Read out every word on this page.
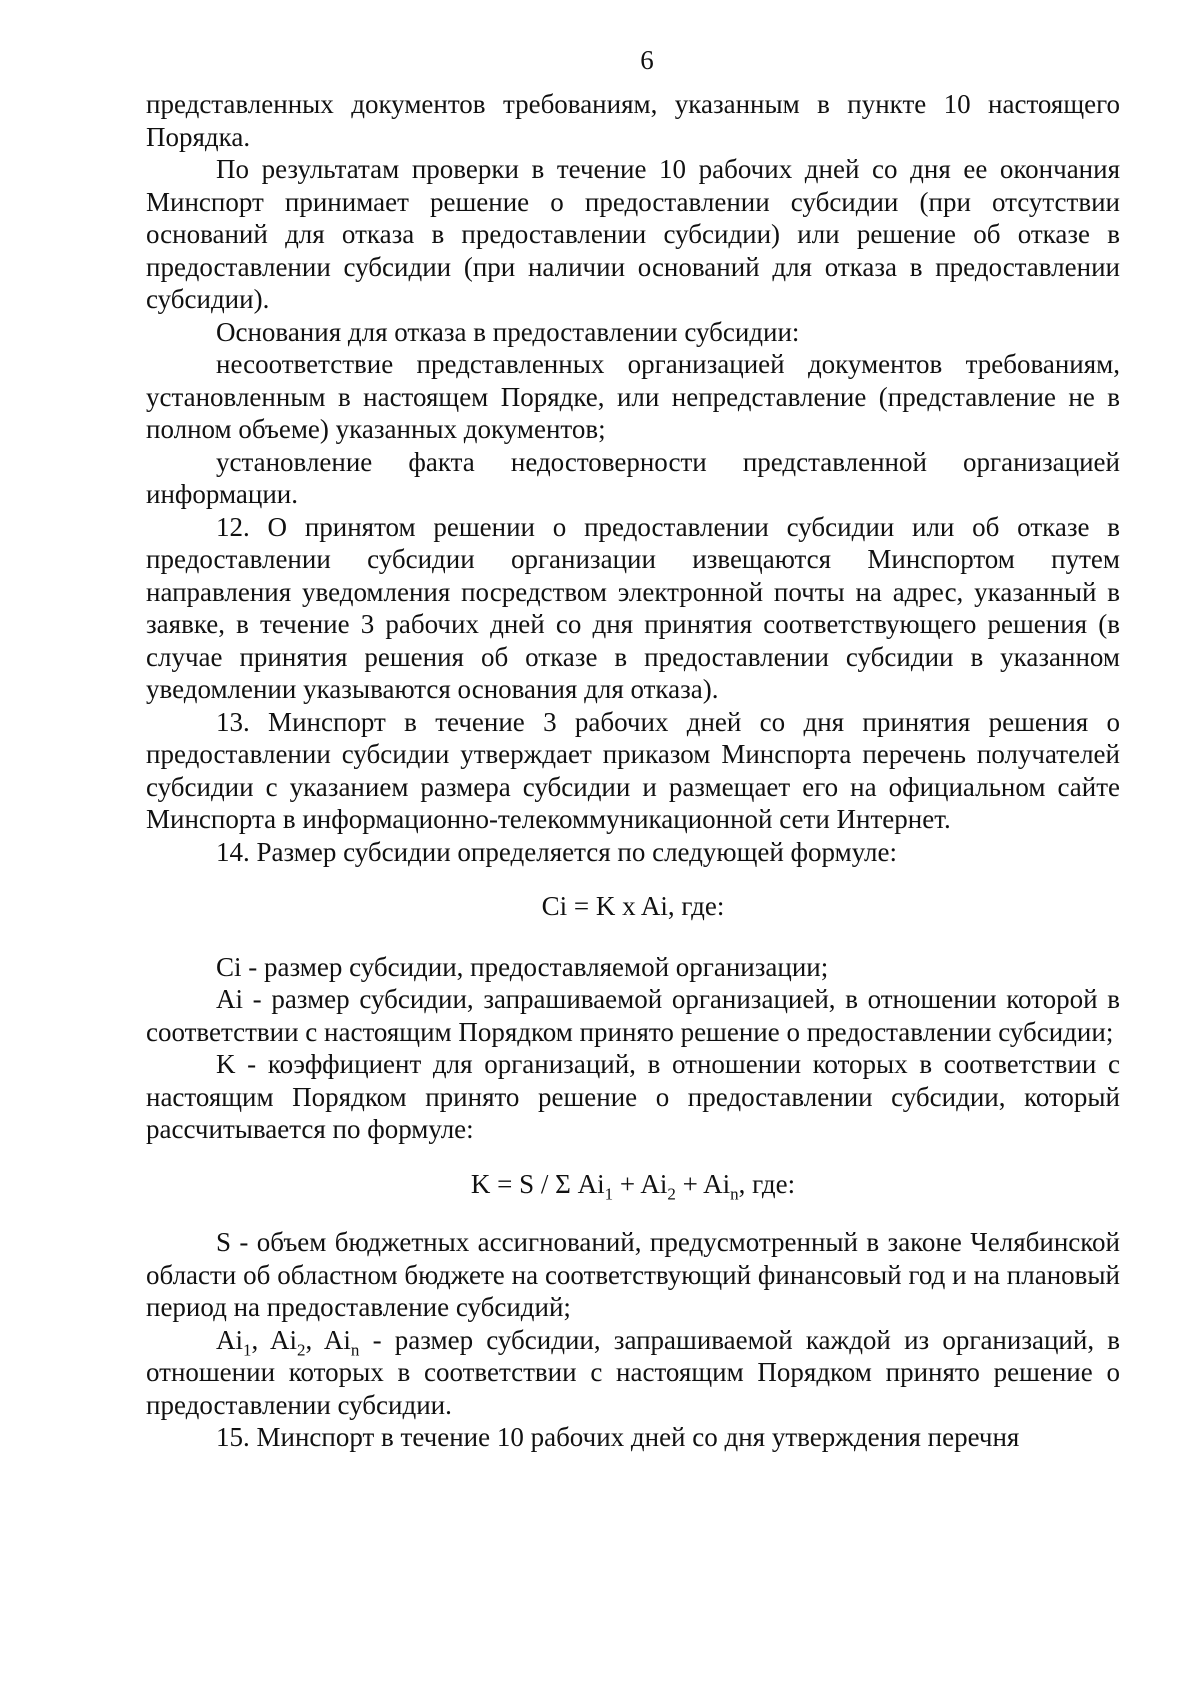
6

представленных документов требованиям, указанным в пункте 10 настоящего Порядка.

По результатам проверки в течение 10 рабочих дней со дня ее окончания Минспорт принимает решение о предоставлении субсидии (при отсутствии оснований для отказа в предоставлении субсидии) или решение об отказе в предоставлении субсидии (при наличии оснований для отказа в предоставлении субсидии).

Основания для отказа в предоставлении субсидии:

несоответствие представленных организацией документов требованиям, установленным в настоящем Порядке, или непредставление (представление не в полном объеме) указанных документов;

установление факта недостоверности представленной организацией информации.

12. О принятом решении о предоставлении субсидии или об отказе в предоставлении субсидии организации извещаются Минспортом путем направления уведомления посредством электронной почты на адрес, указанный в заявке, в течение 3 рабочих дней со дня принятия соответствующего решения (в случае принятия решения об отказе в предоставлении субсидии в указанном уведомлении указываются основания для отказа).

13. Минспорт в течение 3 рабочих дней со дня принятия решения о предоставлении субсидии утверждает приказом Минспорта перечень получателей субсидии с указанием размера субсидии и размещает его на официальном сайте Минспорта в информационно-телекоммуникационной сети Интернет.

14. Размер субсидии определяется по следующей формуле:

Ci = K x Ai, где:

Ci - размер субсидии, предоставляемой организации;

Ai - размер субсидии, запрашиваемой организацией, в отношении которой в соответствии с настоящим Порядком принято решение о предоставлении субсидии;

K - коэффициент для организаций, в отношении которых в соответствии с настоящим Порядком принято решение о предоставлении субсидии, который рассчитывается по формуле:

K = S / Σ $Ai_1 + Ai_2 + Ai_n$, где:

S - объем бюджетных ассигнований, предусмотренный в законе Челябинской области об областном бюджете на соответствующий финансовый год и на плановый период на предоставление субсидий;

$Ai_1$, $Ai_2$, $Ai_n$ - размер субсидии, запрашиваемой каждой из организаций, в отношении которых в соответствии с настоящим Порядком принято решение о предоставлении субсидии.

15. Минспорт в течение 10 рабочих дней со дня утверждения перечня
